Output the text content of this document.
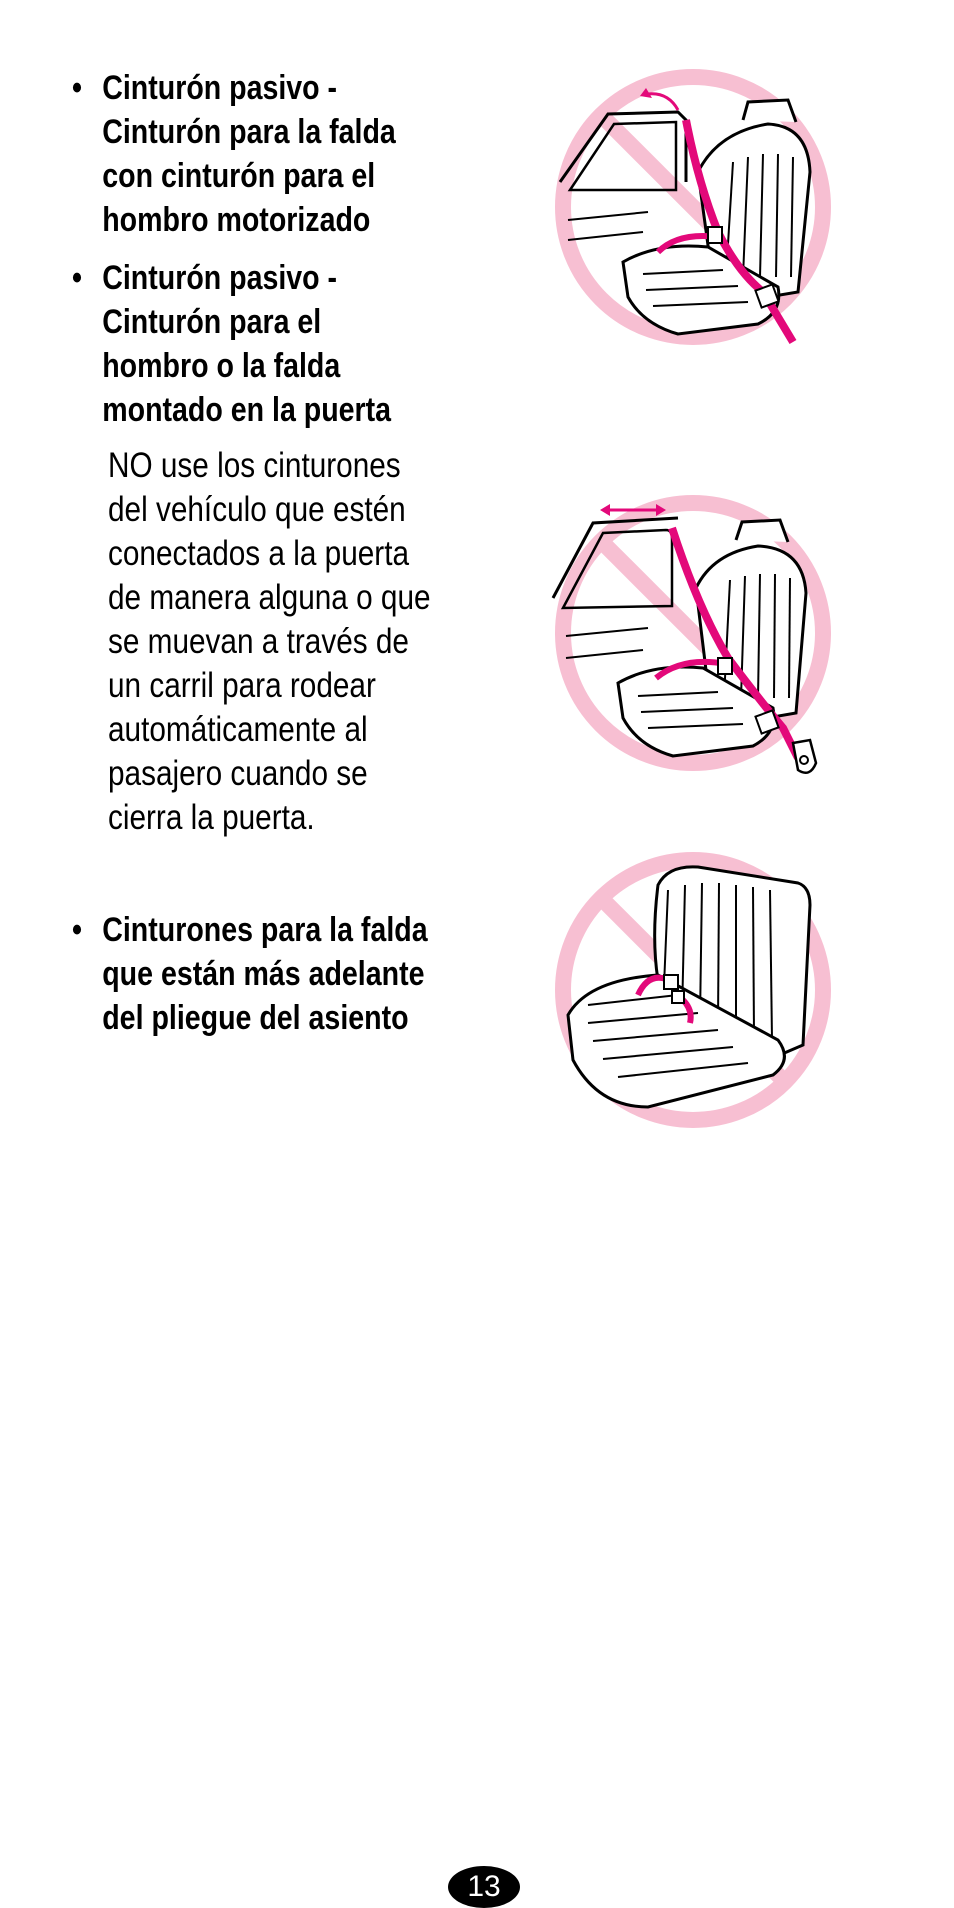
• Cinturón pasivo -
Cinturón para la falda
con cinturón para el
hombro motorizado
• Cinturón pasivo -
Cinturón para el
hombro o la falda
montado en la puerta
NO use los cinturones
del vehículo que estén
conectados a la puerta
de manera alguna o que
se muevan a través de
un carril para rodear
automáticamente al
pasajero cuando se
cierra la puerta.
• Cinturones para la falda
que están más adelante
del pliegue del asiento
13
